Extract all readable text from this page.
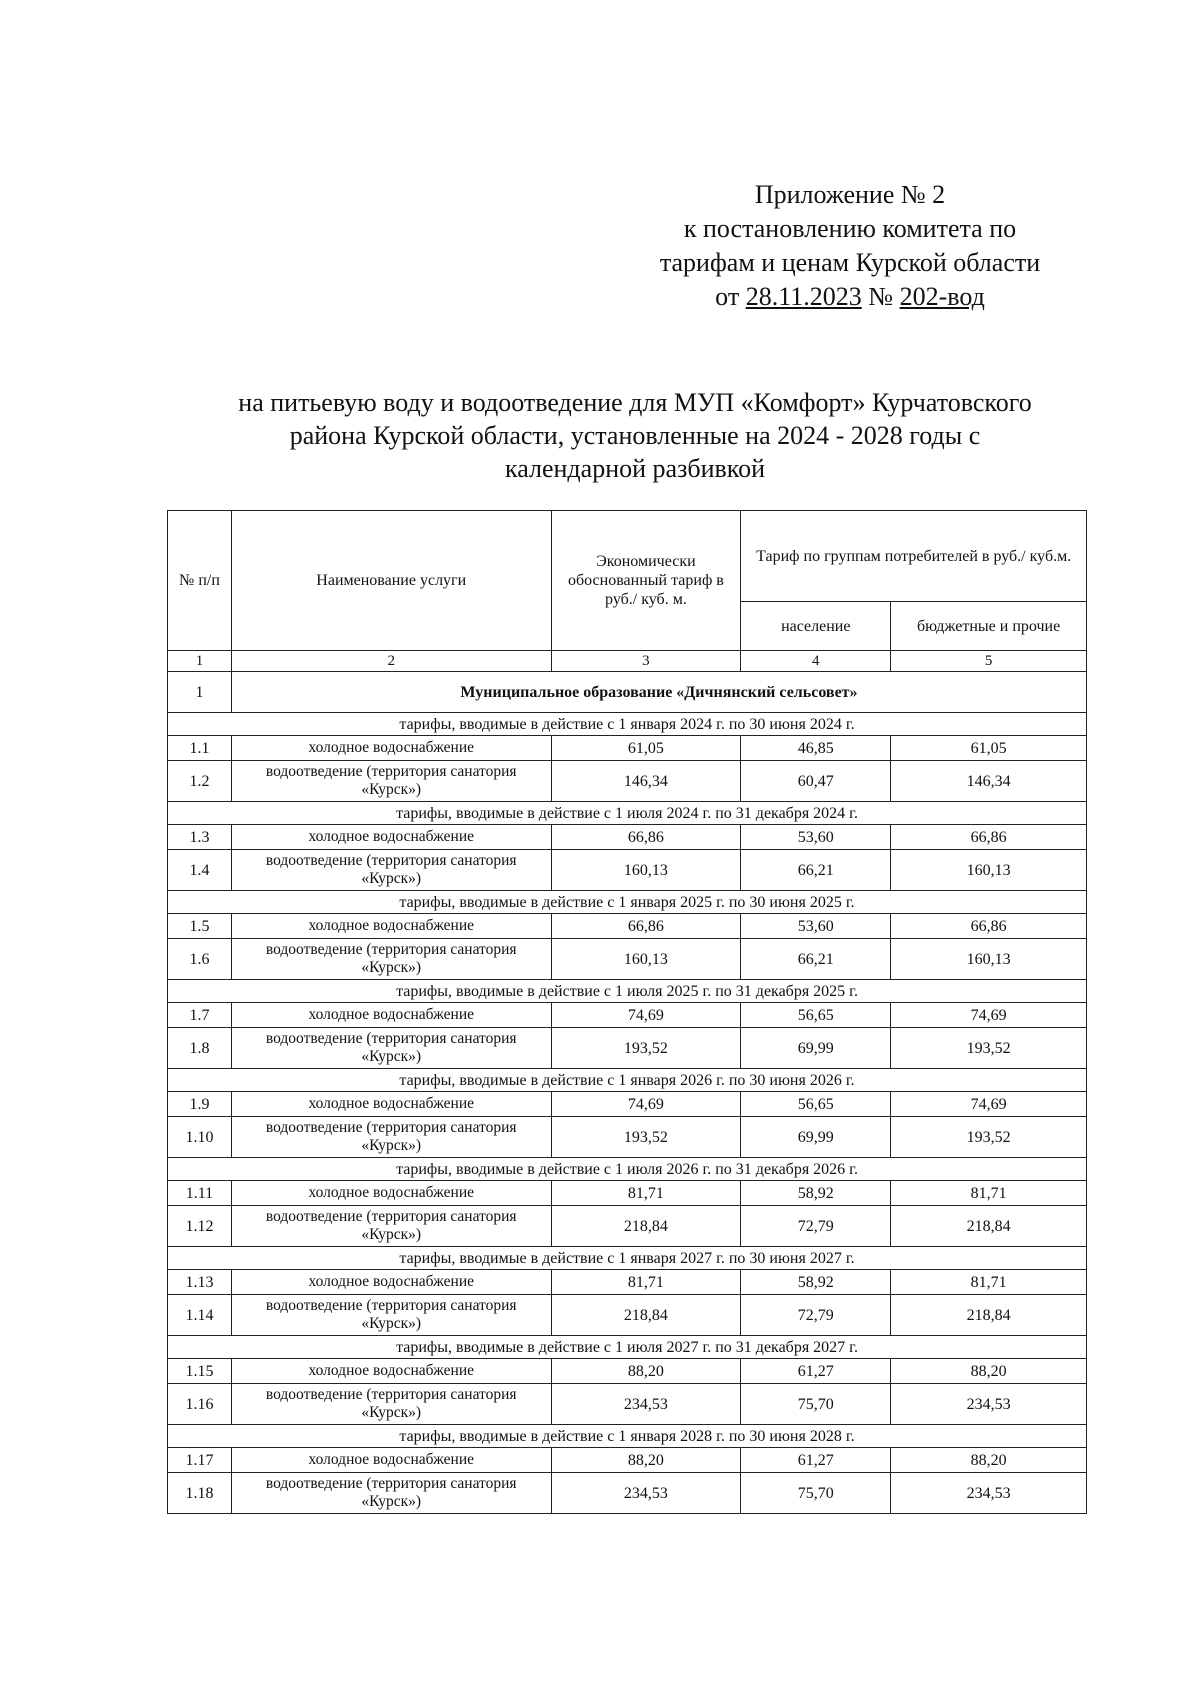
Приложение № 2
к постановлению комитета по
тарифам и ценам Курской области
от 28.11.2023 № 202-вод
на питьевую воду и водоотведение для МУП «Комфорт» Курчатовского
района Курской области, установленные на 2024 - 2028 годы с
календарной разбивкой
№ п/п	Наименование услуги	Экономически обоснованный тариф в руб./ куб. м.	Тариф по группам потребителей в руб./ куб.м.	
			население	бюджетные и прочие
1	2	3	4	5
1	Муниципальное образование «Дичнянский сельсовет»			
тарифы, вводимые в действие с 1 января 2024 г. по 30 июня 2024 г.				
1.1	холодное водоснабжение	61,05	46,85	61,05
1.2	водоотведение (территория санатория «Курск»)	146,34	60,47	146,34
тарифы, вводимые в действие с 1 июля 2024 г. по 31 декабря 2024 г.				
1.3	холодное водоснабжение	66,86	53,60	66,86
1.4	водоотведение (территория санатория «Курск»)	160,13	66,21	160,13
тарифы, вводимые в действие с 1 января 2025 г. по 30 июня 2025 г.				
1.5	холодное водоснабжение	66,86	53,60	66,86
1.6	водоотведение (территория санатория «Курск»)	160,13	66,21	160,13
тарифы, вводимые в действие с 1 июля 2025 г. по 31 декабря 2025 г.				
1.7	холодное водоснабжение	74,69	56,65	74,69
1.8	водоотведение (территория санатория «Курск»)	193,52	69,99	193,52
тарифы, вводимые в действие с 1 января 2026 г. по 30 июня 2026 г.				
1.9	холодное водоснабжение	74,69	56,65	74,69
1.10	водоотведение (территория санатория «Курск»)	193,52	69,99	193,52
тарифы, вводимые в действие с 1 июля 2026 г. по 31 декабря 2026 г.				
1.11	холодное водоснабжение	81,71	58,92	81,71
1.12	водоотведение (территория санатория «Курск»)	218,84	72,79	218,84
тарифы, вводимые в действие с 1 января 2027 г. по 30 июня 2027 г.				
1.13	холодное водоснабжение	81,71	58,92	81,71
1.14	водоотведение (территория санатория «Курск»)	218,84	72,79	218,84
тарифы, вводимые в действие с 1 июля 2027 г. по 31 декабря 2027 г.				
1.15	холодное водоснабжение	88,20	61,27	88,20
1.16	водоотведение (территория санатория «Курск»)	234,53	75,70	234,53
тарифы, вводимые в действие с 1 января 2028 г. по 30 июня 2028 г.				
1.17	холодное водоснабжение	88,20	61,27	88,20
1.18	водоотведение (территория санатория «Курск»)	234,53	75,70	234,53
